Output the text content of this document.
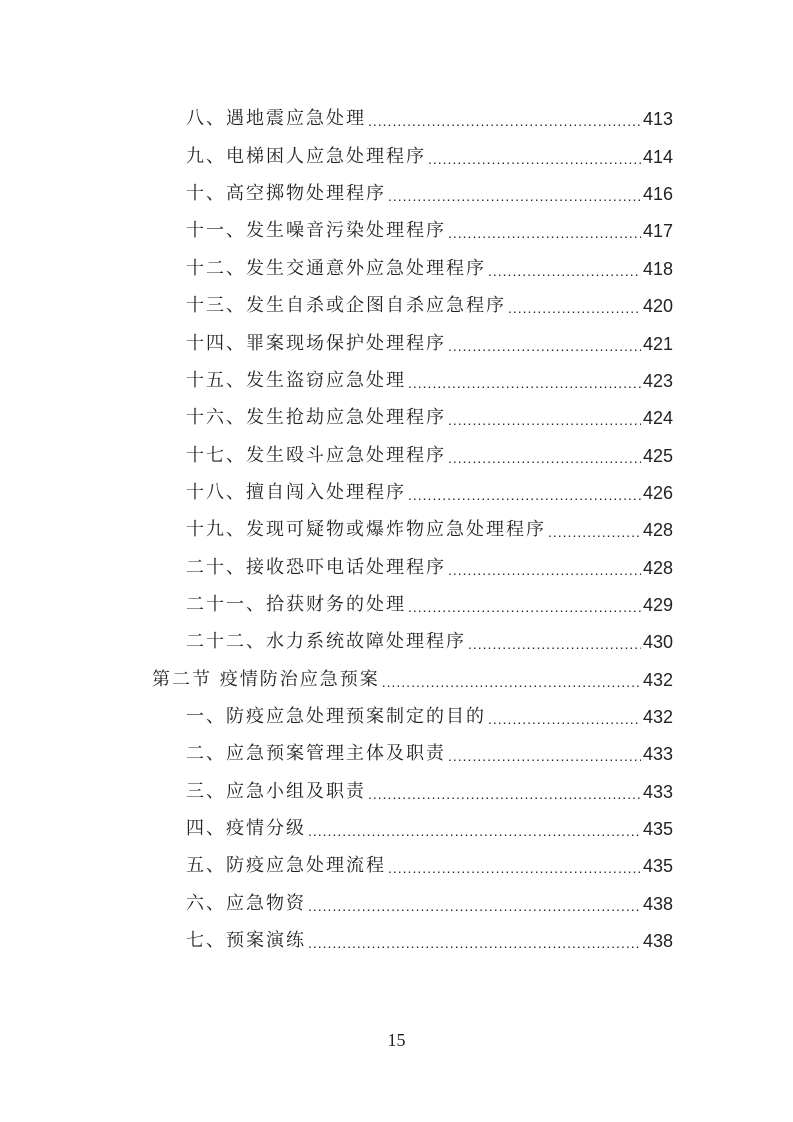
八、遇地震应急处理 .....	413
九、电梯困人应急处理程序 .....	414
十、高空掷物处理程序 .....	416
十一、发生噪音污染处理程序 .....	417
十二、发生交通意外应急处理程序 .....	418
十三、发生自杀或企图自杀应急程序 .....	420
十四、罪案现场保护处理程序 .....	421
十五、发生盗窃应急处理 .....	423
十六、发生抢劫应急处理程序 .....	424
十七、发生殴斗应急处理程序 .....	425
十八、擅自闯入处理程序 .....	426
十九、发现可疑物或爆炸物应急处理程序 .....	428
二十、接收恐吓电话处理程序 .....	428
二十一、拾获财务的处理 .....	429
二十二、水力系统故障处理程序 .....	430
第二节 疫情防治应急预案 .....	432
一、防疫应急处理预案制定的目的 .....	432
二、应急预案管理主体及职责 .....	433
三、应急小组及职责 .....	433
四、疫情分级 .....	435
五、防疫应急处理流程 .....	435
六、应急物资 .....	438
七、预案演练 .....	438
15
